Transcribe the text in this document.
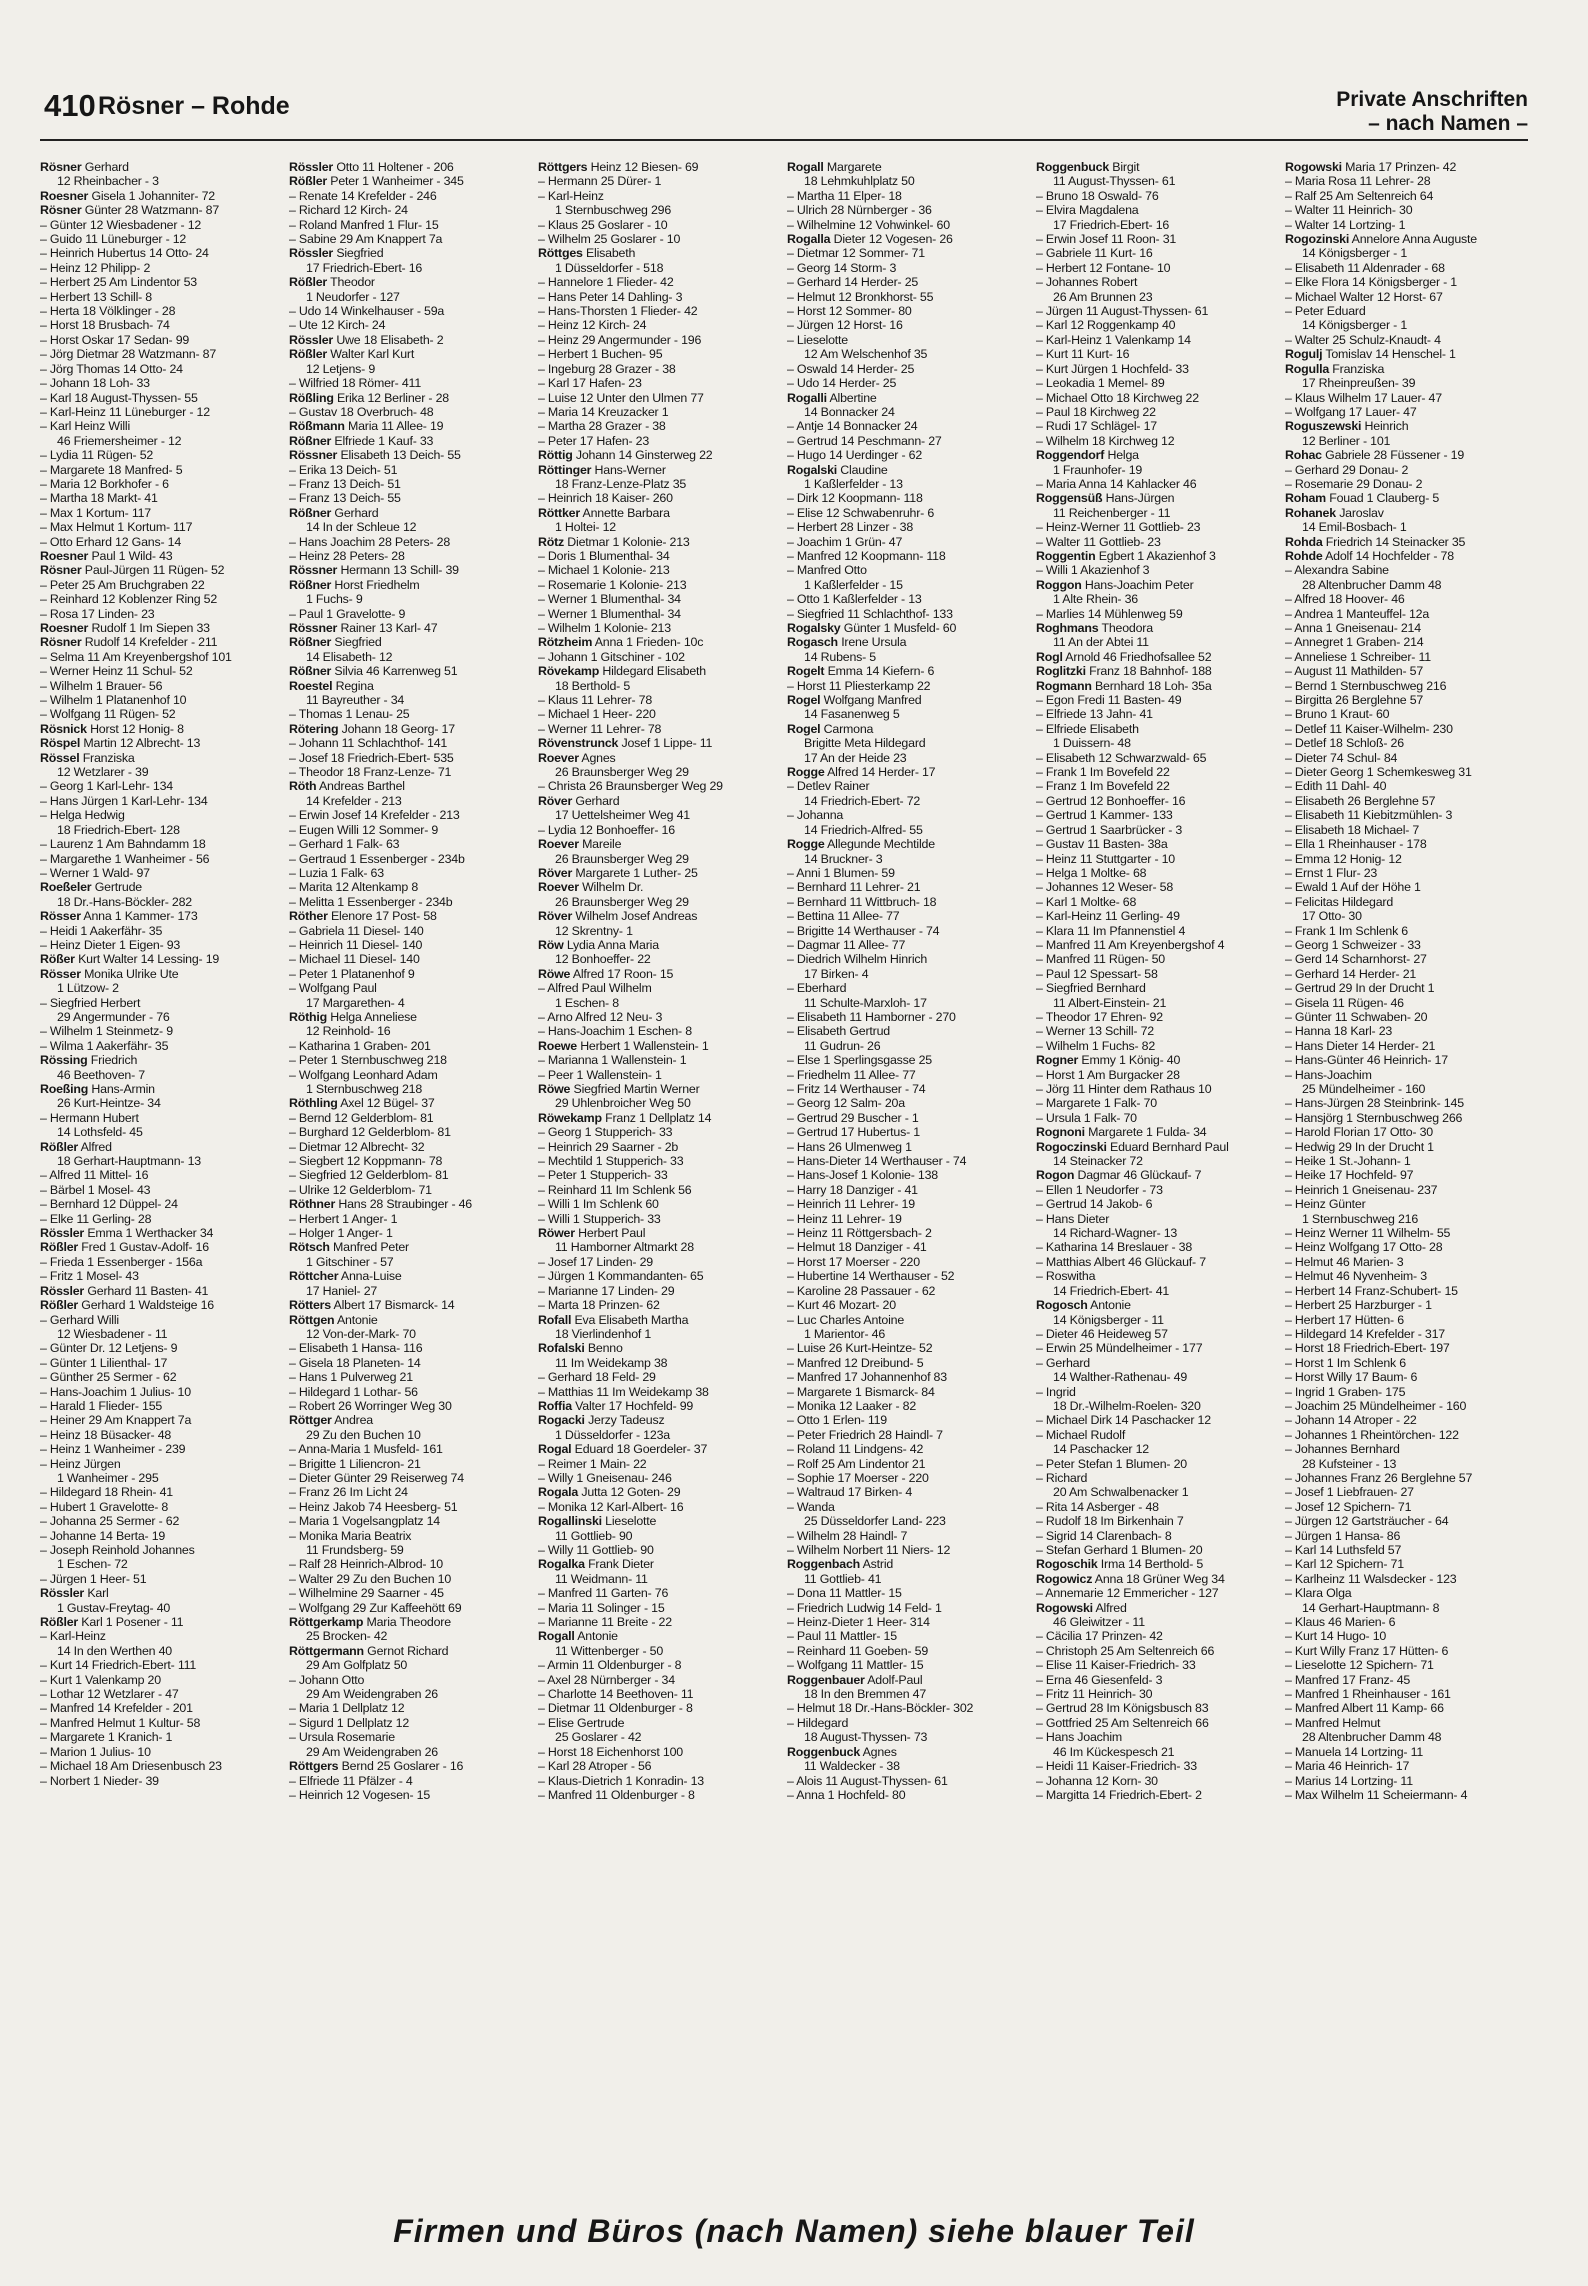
410 Rösner – Rohde	Private Anschriften
– nach Namen –
Rösner Gerhard
12 Rheinbacher - 3
Roesner Gisela 1 Johanniter- 72
Rösner Günter 28 Watzmann- 87
– Günter 12 Wiesbadener - 12
– Guido 11 Lüneburger - 12
– Heinrich Hubertus 14 Otto- 24
– Heinz 12 Philipp- 2
– Herbert 25 Am Lindentor 53
– Herbert 13 Schill- 8
– Herta 18 Völklinger - 28
– Horst 18 Brusbach- 74
– Horst Oskar 17 Sedan- 99
– Jörg Dietmar 28 Watzmann- 87
– Jörg Thomas 14 Otto- 24
– Johann 18 Loh- 33
– Karl 18 August-Thyssen- 55
– Karl-Heinz 11 Lüneburger - 12
– Karl Heinz Willi
46 Friemersheimer - 12
– Lydia 11 Rügen- 52
– Margarete 18 Manfred- 5
– Maria 12 Borkhofer - 6
– Martha 18 Markt- 41
– Max 1 Kortum- 117
– Max Helmut 1 Kortum- 117
– Otto Erhard 12 Gans- 14
Roesner Paul 1 Wild- 43
Rösner Paul-Jürgen 11 Rügen- 52
– Peter 25 Am Bruchgraben 22
– Reinhard 12 Koblenzer Ring 52
– Rosa 17 Linden- 23
Roesner Rudolf 1 Im Siepen 33
Rösner Rudolf 14 Krefelder - 211
– Selma 11 Am Kreyenbergshof 101
– Werner Heinz 11 Schul- 52
– Wilhelm 1 Brauer- 56
– Wilhelm 1 Platanenhof 10
– Wolfgang 11 Rügen- 52
Rösnick Horst 12 Honig- 8
Röspel Martin 12 Albrecht- 13
Rössel Franziska
12 Wetzlarer - 39
– Georg 1 Karl-Lehr- 134
– Hans Jürgen 1 Karl-Lehr- 134
– Helga Hedwig
18 Friedrich-Ebert- 128
– Laurenz 1 Am Bahndamm 18
– Margarethe 1 Wanheimer - 56
– Werner 1 Wald- 97
Roeßeler Gertrude
18 Dr.-Hans-Böckler- 282
Rösser Anna 1 Kammer- 173
– Heidi 1 Aakerfähr- 35
– Heinz Dieter 1 Eigen- 93
Rößer Kurt Walter 14 Lessing- 19
Rösser Monika Ulrike Ute
1 Lützow- 2
– Siegfried Herbert
29 Angermunder - 76
– Wilhelm 1 Steinmetz- 9
– Wilma 1 Aakerfähr- 35
Rössing Friedrich
46 Beethoven- 7
Roeßing Hans-Armin
26 Kurt-Heintze- 34
– Hermann Hubert
14 Lothsfeld- 45
Rößler Alfred
18 Gerhart-Hauptmann- 13
– Alfred 11 Mittel- 16
– Bärbel 1 Mosel- 43
– Bernhard 12 Düppel- 24
– Elke 11 Gerling- 28
Rössler Emma 1 Werthacker 34
Rößler Fred 1 Gustav-Adolf- 16
– Frieda 1 Essenberger - 156a
– Fritz 1 Mosel- 43
Rössler Gerhard 11 Basten- 41
Rößler Gerhard 1 Waldsteige 16
– Gerhard Willi
12 Wiesbadener - 11
– Günter Dr. 12 Letjens- 9
– Günter 1 Lilienthal- 17
– Günther 25 Sermer - 62
– Hans-Joachim 1 Julius- 10
– Harald 1 Flieder- 155
– Heiner 29 Am Knappert 7a
– Heinz 18 Büsacker- 48
– Heinz 1 Wanheimer - 239
– Heinz Jürgen
1 Wanheimer - 295
– Hildegard 18 Rhein- 41
– Hubert 1 Gravelotte- 8
– Johanna 25 Sermer - 62
– Johanne 14 Berta- 19
– Joseph Reinhold Johannes
1 Eschen- 72
– Jürgen 1 Heer- 51
Rössler Karl
1 Gustav-Freytag- 40
Rößler Karl 1 Posener - 11
– Karl-Heinz
14 In den Werthen 40
– Kurt 14 Friedrich-Ebert- 111
– Kurt 1 Valenkamp 20
– Lothar 12 Wetzlarer - 47
– Manfred 14 Krefelder - 201
– Manfred Helmut 1 Kultur- 58
– Margarete 1 Kranich- 1
– Marion 1 Julius- 10
– Michael 18 Am Driesenbusch 23
– Norbert 1 Nieder- 39
Rössler Otto 11 Holtener - 206
Rößler Peter 1 Wanheimer - 345
– Renate 14 Krefelder - 246
– Richard 12 Kirch- 24
– Roland Manfred 1 Flur- 15
– Sabine 29 Am Knappert 7a
Rössler Siegfried
17 Friedrich-Ebert- 16
Rößler Theodor
1 Neudorfer - 127
– Udo 14 Winkelhauser - 59a
– Ute 12 Kirch- 24
Rössler Uwe 18 Elisabeth- 2
Rößler Walter Karl Kurt
12 Letjens- 9
– Wilfried 18 Römer- 411
Rößling Erika 12 Berliner - 28
– Gustav 18 Overbruch- 48
Rößmann Maria 11 Allee- 19
Rößner Elfriede 1 Kauf- 33
Rössner Elisabeth 13 Deich- 55
– Erika 13 Deich- 51
– Franz 13 Deich- 51
– Franz 13 Deich- 55
Rößner Gerhard
14 In der Schleue 12
– Hans Joachim 28 Peters- 28
– Heinz 28 Peters- 28
Rössner Hermann 13 Schill- 39
Rößner Horst Friedhelm
1 Fuchs- 9
– Paul 1 Gravelotte- 9
Rössner Rainer 13 Karl- 47
Rößner Siegfried
14 Elisabeth- 12
Rößner Silvia 46 Karrenweg 51
Roestel Regina
11 Bayreuther - 34
– Thomas 1 Lenau- 25
Rötering Johann 18 Georg- 17
– Johann 11 Schlachthof- 141
– Josef 18 Friedrich-Ebert- 535
– Theodor 18 Franz-Lenze- 71
Röth Andreas Barthel
14 Krefelder - 213
– Erwin Josef 14 Krefelder - 213
– Eugen Willi 12 Sommer- 9
– Gerhard 1 Falk- 63
– Gertraud 1 Essenberger - 234b
– Luzia 1 Falk- 63
– Marita 12 Altenkamp 8
– Melitta 1 Essenberger - 234b
Röther Elenore 17 Post- 58
– Gabriela 11 Diesel- 140
– Heinrich 11 Diesel- 140
– Michael 11 Diesel- 140
– Peter 1 Platanenhof 9
– Wolfgang Paul
17 Margarethen- 4
Röthig Helga Anneliese
12 Reinhold- 16
– Katharina 1 Graben- 201
– Peter 1 Sternbuschweg 218
– Wolfgang Leonhard Adam
1 Sternbuschweg 218
Röthling Axel 12 Bügel- 37
– Bernd 12 Gelderblom- 81
– Burghard 12 Gelderblom- 81
– Dietmar 12 Albrecht- 32
– Siegbert 12 Koppmann- 78
– Siegfried 12 Gelderblom- 81
– Ulrike 12 Gelderblom- 71
Röthner Hans 28 Straubinger - 46
– Herbert 1 Anger- 1
– Holger 1 Anger- 1
Rötsch Manfred Peter
1 Gitschiner - 57
Röttcher Anna-Luise
17 Haniel- 27
Rötters Albert 17 Bismarck- 14
Röttgen Antonie
12 Von-der-Mark- 70
– Elisabeth 1 Hansa- 116
– Gisela 18 Planeten- 14
– Hans 1 Pulverweg 21
– Hildegard 1 Lothar- 56
– Robert 26 Worringer Weg 30
Röttger Andrea
29 Zu den Buchen 10
– Anna-Maria 1 Musfeld- 161
– Brigitte 1 Liliencron- 21
– Dieter Günter 29 Reiserweg 74
– Franz 26 Im Licht 24
– Heinz Jakob 74 Heesberg- 51
– Maria 1 Vogelsangplatz 14
– Monika Maria Beatrix
11 Frundsberg- 59
– Ralf 28 Heinrich-Albrod- 10
– Walter 29 Zu den Buchen 10
– Wilhelmine 29 Saarner - 45
– Wolfgang 29 Zur Kaffeehött 69
Röttgerkamp Maria Theodore
25 Brocken- 42
Röttgermann Gernot Richard
29 Am Golfplatz 50
– Johann Otto
29 Am Weidengraben 26
– Maria 1 Dellplatz 12
– Sigurd 1 Dellplatz 12
– Ursula Rosemarie
29 Am Weidengraben 26
Röttgers Bernd 25 Goslarer - 16
– Elfriede 11 Pfälzer - 4
– Heinrich 12 Vogesen- 15
Röttgers Heinz 12 Biesen- 69
– Hermann 25 Dürer- 1
– Karl-Heinz
1 Sternbuschweg 296
– Klaus 25 Goslarer - 10
– Wilhelm 25 Goslarer - 10
Röttges Elisabeth
1 Düsseldorfer - 518
– Hannelore 1 Flieder- 42
– Hans Peter 14 Dahling- 3
– Hans-Thorsten 1 Flieder- 42
– Heinz 12 Kirch- 24
– Heinz 29 Angermunder - 196
– Herbert 1 Buchen- 95
– Ingeburg 28 Grazer - 38
– Karl 17 Hafen- 23
– Luise 12 Unter den Ulmen 77
– Maria 14 Kreuzacker 1
– Martha 28 Grazer - 38
– Peter 17 Hafen- 23
Röttig Johann 14 Ginsterweg 22
Röttinger Hans-Werner
18 Franz-Lenze-Platz 35
– Heinrich 18 Kaiser- 260
Röttker Annette Barbara
1 Holtei- 12
Rötz Dietmar 1 Kolonie- 213
– Doris 1 Blumenthal- 34
– Michael 1 Kolonie- 213
– Rosemarie 1 Kolonie- 213
– Werner 1 Blumenthal- 34
– Werner 1 Blumenthal- 34
– Wilhelm 1 Kolonie- 213
Rötzheim Anna 1 Frieden- 10c
– Johann 1 Gitschiner - 102
Rövekamp Hildegard Elisabeth
18 Berthold- 5
– Klaus 11 Lehrer- 78
– Michael 1 Heer- 220
– Werner 11 Lehrer- 78
Rövenstrunck Josef 1 Lippe- 11
Roever Agnes
26 Braunsberger Weg 29
– Christa 26 Braunsberger Weg 29
Röver Gerhard
17 Uettelsheimer Weg 41
– Lydia 12 Bonhoeffer- 16
Roever Mareile
26 Braunsberger Weg 29
Röver Margarete 1 Luther- 25
Roever Wilhelm Dr.
26 Braunsberger Weg 29
Röver Wilhelm Josef Andreas
12 Skrentny- 1
Röw Lydia Anna Maria
12 Bonhoeffer- 22
Röwe Alfred 17 Roon- 15
– Alfred Paul Wilhelm
1 Eschen- 8
– Arno Alfred 12 Neu- 3
– Hans-Joachim 1 Eschen- 8
Roewe Herbert 1 Wallenstein- 1
– Marianna 1 Wallenstein- 1
– Peer 1 Wallenstein- 1
Röwe Siegfried Martin Werner
29 Uhlenbroicher Weg 50
Röwekamp Franz 1 Dellplatz 14
– Georg 1 Stupperich- 33
– Heinrich 29 Saarner - 2b
– Mechtild 1 Stupperich- 33
– Peter 1 Stupperich- 33
– Reinhard 11 Im Schlenk 56
– Willi 1 Im Schlenk 60
– Willi 1 Stupperich- 33
Röwer Herbert Paul
11 Hamborner Altmarkt 28
– Josef 17 Linden- 29
– Jürgen 1 Kommandanten- 65
– Marianne 17 Linden- 29
– Marta 18 Prinzen- 62
Rofall Eva Elisabeth Martha
18 Vierlindenhof 1
Rofalski Benno
11 Im Weidekamp 38
– Gerhard 18 Feld- 29
– Matthias 11 Im Weidekamp 38
Roffia Valter 17 Hochfeld- 99
Rogacki Jerzy Tadeusz
1 Düsseldorfer - 123a
Rogal Eduard 18 Goerdeler- 37
– Reimer 1 Main- 22
– Willy 1 Gneisenau- 246
Rogala Jutta 12 Goten- 29
– Monika 12 Karl-Albert- 16
Rogallinski Lieselotte
11 Gottlieb- 90
– Willy 11 Gottlieb- 90
Rogalka Frank Dieter
11 Weidmann- 11
– Manfred 11 Garten- 76
– Maria 11 Solinger - 15
– Marianne 11 Breite - 22
Rogall Antonie
11 Wittenberger - 50
– Armin 11 Oldenburger - 8
– Axel 28 Nürnberger - 34
– Charlotte 14 Beethoven- 11
– Dietmar 11 Oldenburger - 8
– Elise Gertrude
25 Goslarer - 42
– Horst 18 Eichenhorst 100
– Karl 28 Atroper - 56
– Klaus-Dietrich 1 Konradin- 13
– Manfred 11 Oldenburger - 8
Rogall Margarete
18 Lehmkuhlplatz 50
– Martha 11 Elper- 18
– Ulrich 28 Nürnberger - 36
– Wilhelmine 12 Vohwinkel- 60
Rogalla Dieter 12 Vogesen- 26
– Dietmar 12 Sommer- 71
– Georg 14 Storm- 3
– Gerhard 14 Herder- 25
– Helmut 12 Bronkhorst- 55
– Horst 12 Sommer- 80
– Jürgen 12 Horst- 16
– Lieselotte
12 Am Welschenhof 35
– Oswald 14 Herder- 25
– Udo 14 Herder- 25
Rogalli Albertine
14 Bonnacker 24
– Antje 14 Bonnacker 24
– Gertrud 14 Peschmann- 27
– Hugo 14 Uerdinger - 62
Rogalski Claudine
1 Kaßlerfelder - 13
– Dirk 12 Koopmann- 118
– Elise 12 Schwabenruhr- 6
– Herbert 28 Linzer - 38
– Joachim 1 Grün- 47
– Manfred 12 Koopmann- 118
– Manfred Otto
1 Kaßlerfelder - 15
– Otto 1 Kaßlerfelder - 13
– Siegfried 11 Schlachthof- 133
Rogalsky Günter 1 Musfeld- 60
Rogasch Irene Ursula
14 Rubens- 5
Rogelt Emma 14 Kiefern- 6
– Horst 11 Pliesterkamp 22
Rogel Wolfgang Manfred
14 Fasanenweg 5
Rogel Carmona
Brigitte Meta Hildegard
17 An der Heide 23
Rogge Alfred 14 Herder- 17
– Detlev Rainer
14 Friedrich-Ebert- 72
– Johanna
14 Friedrich-Alfred- 55
Rogge Allegunde Mechtilde
14 Bruckner- 3
– Anni 1 Blumen- 59
– Bernhard 11 Lehrer- 21
– Bernhard 11 Wittbruch- 18
– Bettina 11 Allee- 77
– Brigitte 14 Werthauser - 74
– Dagmar 11 Allee- 77
– Diedrich Wilhelm Hinrich
17 Birken- 4
– Eberhard
11 Schulte-Marxloh- 17
– Elisabeth 11 Hamborner - 270
– Elisabeth Gertrud
11 Gudrun- 26
– Else 1 Sperlingsgasse 25
– Friedhelm 11 Allee- 77
– Fritz 14 Werthauser - 74
– Georg 12 Salm- 20a
– Gertrud 29 Buscher - 1
– Gertrud 17 Hubertus- 1
– Hans 26 Ulmenweg 1
– Hans-Dieter 14 Werthauser - 74
– Hans-Josef 1 Kolonie- 138
– Harry 18 Danziger - 41
– Heinrich 11 Lehrer- 19
– Heinz 11 Lehrer- 19
– Heinz 11 Röttgersbach- 2
– Helmut 18 Danziger - 41
– Horst 17 Moerser - 220
– Hubertine 14 Werthauser - 52
– Karoline 28 Passauer - 62
– Kurt 46 Mozart- 20
– Luc Charles Antoine
1 Marientor- 46
– Luise 26 Kurt-Heintze- 52
– Manfred 12 Dreibund- 5
– Manfred 17 Johannenhof 83
– Margarete 1 Bismarck- 84
– Monika 12 Laaker - 82
– Otto 1 Erlen- 119
– Peter Friedrich 28 Haindl- 7
– Roland 11 Lindgens- 42
– Rolf 25 Am Lindentor 21
– Sophie 17 Moerser - 220
– Waltraud 17 Birken- 4
– Wanda
25 Düsseldorfer Land- 223
– Wilhelm 28 Haindl- 7
– Wilhelm Norbert 11 Niers- 12
Roggenbach Astrid
11 Gottlieb- 41
– Dona 11 Mattler- 15
– Friedrich Ludwig 14 Feld- 1
– Heinz-Dieter 1 Heer- 314
– Paul 11 Mattler- 15
– Reinhard 11 Goeben- 59
– Wolfgang 11 Mattler- 15
Roggenbauer Adolf-Paul
18 In den Bremmen 47
– Helmut 18 Dr.-Hans-Böckler- 302
– Hildegard
18 August-Thyssen- 73
Roggenbuck Agnes
11 Waldecker - 38
– Alois 11 August-Thyssen- 61
– Anna 1 Hochfeld- 80
Roggenbuck Birgit
11 August-Thyssen- 61
– Bruno 18 Oswald- 76
– Elvira Magdalena
17 Friedrich-Ebert- 16
– Erwin Josef 11 Roon- 31
– Gabriele 11 Kurt- 16
– Herbert 12 Fontane- 10
– Johannes Robert
26 Am Brunnen 23
– Jürgen 11 August-Thyssen- 61
– Karl 12 Roggenkamp 40
– Karl-Heinz 1 Valenkamp 14
– Kurt 11 Kurt- 16
– Kurt Jürgen 1 Hochfeld- 33
– Leokadia 1 Memel- 89
– Michael Otto 18 Kirchweg 22
– Paul 18 Kirchweg 22
– Rudi 17 Schlägel- 17
– Wilhelm 18 Kirchweg 12
Roggendorf Helga
1 Fraunhofer- 19
– Maria Anna 14 Kahlacker 46
Roggensüß Hans-Jürgen
11 Reichenberger - 11
– Heinz-Werner 11 Gottlieb- 23
– Walter 11 Gottlieb- 23
Roggentin Egbert 1 Akazienhof 3
– Willi 1 Akazienhof 3
Roggon Hans-Joachim Peter
1 Alte Rhein- 36
– Marlies 14 Mühlenweg 59
Roghmans Theodora
11 An der Abtei 11
Rogl Arnold 46 Friedhofsallee 52
Roglitzki Franz 18 Bahnhof- 188
Rogmann Bernhard 18 Loh- 35a
– Egon Fredi 11 Basten- 49
– Elfriede 13 Jahn- 41
– Elfriede Elisabeth
1 Duissern- 48
– Elisabeth 12 Schwarzwald- 65
– Frank 1 Im Bovefeld 22
– Franz 1 Im Bovefeld 22
– Gertrud 12 Bonhoeffer- 16
– Gertrud 1 Kammer- 133
– Gertrud 1 Saarbrücker - 3
– Gustav 11 Basten- 38a
– Heinz 11 Stuttgarter - 10
– Helga 1 Moltke- 68
– Johannes 12 Weser- 58
– Karl 1 Moltke- 68
– Karl-Heinz 11 Gerling- 49
– Klara 11 Im Pfannenstiel 4
– Manfred 11 Am Kreyenbergshof 4
– Manfred 11 Rügen- 50
– Paul 12 Spessart- 58
– Siegfried Bernhard
11 Albert-Einstein- 21
– Theodor 17 Ehren- 92
– Werner 13 Schill- 72
– Wilhelm 1 Fuchs- 82
Rogner Emmy 1 König- 40
– Horst 1 Am Burgacker 28
– Jörg 11 Hinter dem Rathaus 10
– Margarete 1 Falk- 70
– Ursula 1 Falk- 70
Rognoni Margarete 1 Fulda- 34
Rogoczinski Eduard Bernhard Paul
14 Steinacker 72
Rogon Dagmar 46 Glückauf- 7
– Ellen 1 Neudorfer - 73
– Gertrud 14 Jakob- 6
– Hans Dieter
14 Richard-Wagner- 13
– Katharina 14 Breslauer - 38
– Matthias Albert 46 Glückauf- 7
– Roswitha
14 Friedrich-Ebert- 41
Rogosch Antonie
14 Königsberger - 11
– Dieter 46 Heideweg 57
– Erwin 25 Mündelheimer - 177
– Gerhard
14 Walther-Rathenau- 49
– Ingrid
18 Dr.-Wilhelm-Roelen- 320
– Michael Dirk 14 Paschacker 12
– Michael Rudolf
14 Paschacker 12
– Peter Stefan 1 Blumen- 20
– Richard
20 Am Schwalbenacker 1
– Rita 14 Asberger - 48
– Rudolf 18 Im Birkenhain 7
– Sigrid 14 Clarenbach- 8
– Stefan Gerhard 1 Blumen- 20
Rogoschik Irma 14 Berthold- 5
Rogowicz Anna 18 Grüner Weg 34
– Annemarie 12 Emmericher - 127
Rogowski Alfred
46 Gleiwitzer - 11
– Cäcilia 17 Prinzen- 42
– Christoph 25 Am Seltenreich 66
– Elise 11 Kaiser-Friedrich- 33
– Erna 46 Giesenfeld- 3
– Fritz 11 Heinrich- 30
– Gertrud 28 Im Königsbusch 83
– Gottfried 25 Am Seltenreich 66
– Hans Joachim
46 Im Kückespesch 21
– Heidi 11 Kaiser-Friedrich- 33
– Johanna 12 Korn- 30
– Margitta 14 Friedrich-Ebert- 2
Rogowski Maria 17 Prinzen- 42
– Maria Rosa 11 Lehrer- 28
– Ralf 25 Am Seltenreich 64
– Walter 11 Heinrich- 30
– Walter 14 Lortzing- 1
Rogozinski Annelore Anna Auguste
14 Königsberger - 1
– Elisabeth 11 Aldenrader - 68
– Elke Flora 14 Königsberger - 1
– Michael Walter 12 Horst- 67
– Peter Eduard
14 Königsberger - 1
– Walter 25 Schulz-Knaudt- 4
Rogulj Tomislav 14 Henschel- 1
Rogulla Franziska
17 Rheinpreußen- 39
– Klaus Wilhelm 17 Lauer- 47
– Wolfgang 17 Lauer- 47
Roguszewski Heinrich
12 Berliner - 101
Rohac Gabriele 28 Füssener - 19
– Gerhard 29 Donau- 2
– Rosemarie 29 Donau- 2
Roham Fouad 1 Clauberg- 5
Rohanek Jaroslav
14 Emil-Bosbach- 1
Rohda Friedrich 14 Steinacker 35
Rohde Adolf 14 Hochfelder - 78
– Alexandra Sabine
28 Altenbrucher Damm 48
– Alfred 18 Hoover- 46
– Andrea 1 Manteuffel- 12a
– Anna 1 Gneisenau- 214
– Annegret 1 Graben- 214
– Anneliese 1 Schreiber- 11
– August 11 Mathilden- 57
– Bernd 1 Sternbuschweg 216
– Birgitta 26 Berglehne 57
– Bruno 1 Kraut- 60
– Detlef 11 Kaiser-Wilhelm- 230
– Detlef 18 Schloß- 26
– Dieter 74 Schul- 84
– Dieter Georg 1 Schemkesweg 31
– Edith 11 Dahl- 40
– Elisabeth 26 Berglehne 57
– Elisabeth 11 Kiebitzmühlen- 3
– Elisabeth 18 Michael- 7
– Ella 1 Rheinhauser - 178
– Emma 12 Honig- 12
– Ernst 1 Flur- 23
– Ewald 1 Auf der Höhe 1
– Felicitas Hildegard
17 Otto- 30
– Frank 1 Im Schlenk 6
– Georg 1 Schweizer - 33
– Gerd 14 Scharnhorst- 27
– Gerhard 14 Herder- 21
– Gertrud 29 In der Drucht 1
– Gisela 11 Rügen- 46
– Günter 11 Schwaben- 20
– Hanna 18 Karl- 23
– Hans Dieter 14 Herder- 21
– Hans-Günter 46 Heinrich- 17
– Hans-Joachim
25 Mündelheimer - 160
– Hans-Jürgen 28 Steinbrink- 145
– Hansjörg 1 Sternbuschweg 266
– Harold Florian 17 Otto- 30
– Hedwig 29 In der Drucht 1
– Heike 1 St.-Johann- 1
– Heike 17 Hochfeld- 97
– Heinrich 1 Gneisenau- 237
– Heinz Günter
1 Sternbuschweg 216
– Heinz Werner 11 Wilhelm- 55
– Heinz Wolfgang 17 Otto- 28
– Helmut 46 Marien- 3
– Helmut 46 Nyvenheim- 3
– Herbert 14 Franz-Schubert- 15
– Herbert 25 Harzburger - 1
– Herbert 17 Hütten- 6
– Hildegard 14 Krefelder - 317
– Horst 18 Friedrich-Ebert- 197
– Horst 1 Im Schlenk 6
– Horst Willy 17 Baum- 6
– Ingrid 1 Graben- 175
– Joachim 25 Mündelheimer - 160
– Johann 14 Atroper - 22
– Johannes 1 Rheintörchen- 122
– Johannes Bernhard
28 Kufsteiner - 13
– Johannes Franz 26 Berglehne 57
– Josef 1 Liebfrauen- 27
– Josef 12 Spichern- 71
– Jürgen 12 Gartsträucher - 64
– Jürgen 1 Hansa- 86
– Karl 14 Luthsfeld 57
– Karl 12 Spichern- 71
– Karlheinz 11 Walsdecker - 123
– Klara Olga
14 Gerhart-Hauptmann- 8
– Klaus 46 Marien- 6
– Kurt 14 Hugo- 10
– Kurt Willy Franz 17 Hütten- 6
– Lieselotte 12 Spichern- 71
– Manfred 17 Franz- 45
– Manfred 1 Rheinhauser - 161
– Manfred Albert 11 Kamp- 66
– Manfred Helmut
28 Altenbrucher Damm 48
– Manuela 14 Lortzing- 11
– Maria 46 Heinrich- 17
– Marius 14 Lortzing- 11
– Max Wilhelm 11 Scheiermann- 4
Firmen und Büros (nach Namen) siehe blauer Teil
